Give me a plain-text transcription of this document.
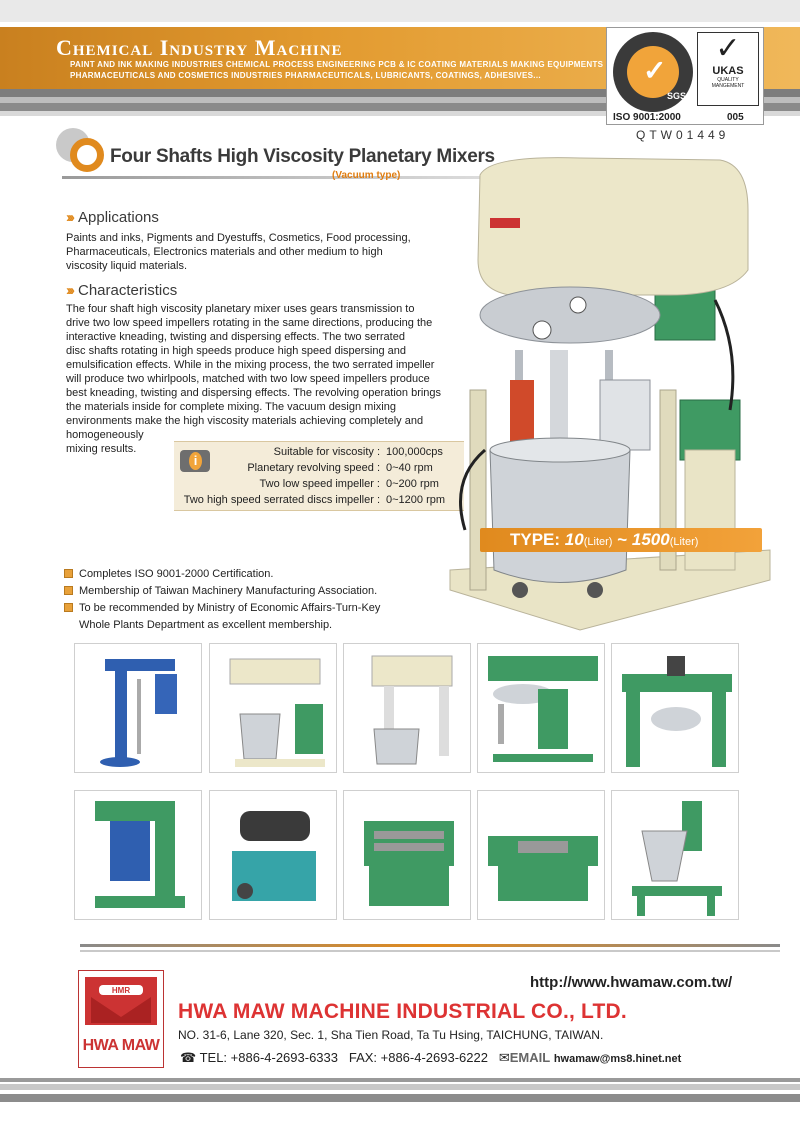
Chemical Industry Machine
PAINT AND INK MAKING INDUSTRIES CHEMICAL PROCESS ENGINEERING PCB & IC COATING MATERIALS MAKING EQUIPMENTS
PHARMACEUTICALS AND COSMETICS INDUSTRIES PHARMACEUTICALS, LUBRICANTS, COATINGS, ADHESIVES...	✓
SGS
✓
UKAS
QUALITY
MANGEMENT
ISO 9001:2000	005
QTW01449
Four Shafts High Viscosity Planetary Mixers
(Vacuum type)
››› Applications
Paints and inks, Pigments and Dyestuffs, Cosmetics, Food processing,
Pharmaceuticals, Electronics materials and other medium to high
viscosity liquid materials.
››› Characteristics
The four shaft high viscosity planetary mixer uses gears transmission to
drive two low speed impellers rotating in the same directions, producing the
interactive kneading, twisting and dispersing effects. The two serrated
disc shafts rotating in high speeds produce high speed dispersing and
emulsification effects. While in the mixing process, the two serrated impeller
will produce two whirlpools, matched with two low speed impellers produce
best kneading, twisting and dispersing effects. The revolving operation brings
the materials inside for complete mixing. The vacuum design mixing
environments make the high viscosity materials achieving completely and
homogeneously
mixing results.
i
Suitable for viscosity : 100,000cps
Planetary revolving speed : 0~40 rpm
Two low speed impeller : 0~200 rpm
Two high speed serrated discs impeller : 0~1200 rpm
TYPE: 10(Liter) ~ 1500(Liter)
Completes ISO 9001-2000 Certification.
Membership of Taiwan Machinery Manufacturing Association.
To be recommended by Ministry of Economic Affairs-Turn-Key
Whole Plants Department as excellent membership.
HMR
HWA MAW
http://www.hwamaw.com.tw/
HWA MAW MACHINE INDUSTRIAL CO., LTD.
NO. 31-6, Lane 320, Sec. 1, Sha Tien Road, Ta Tu Hsing, TAICHUNG, TAIWAN.
☎ TEL: +886-4-2693-6333 FAX: +886-4-2693-6222 ✉EMAIL hwamaw@ms8.hinet.net
